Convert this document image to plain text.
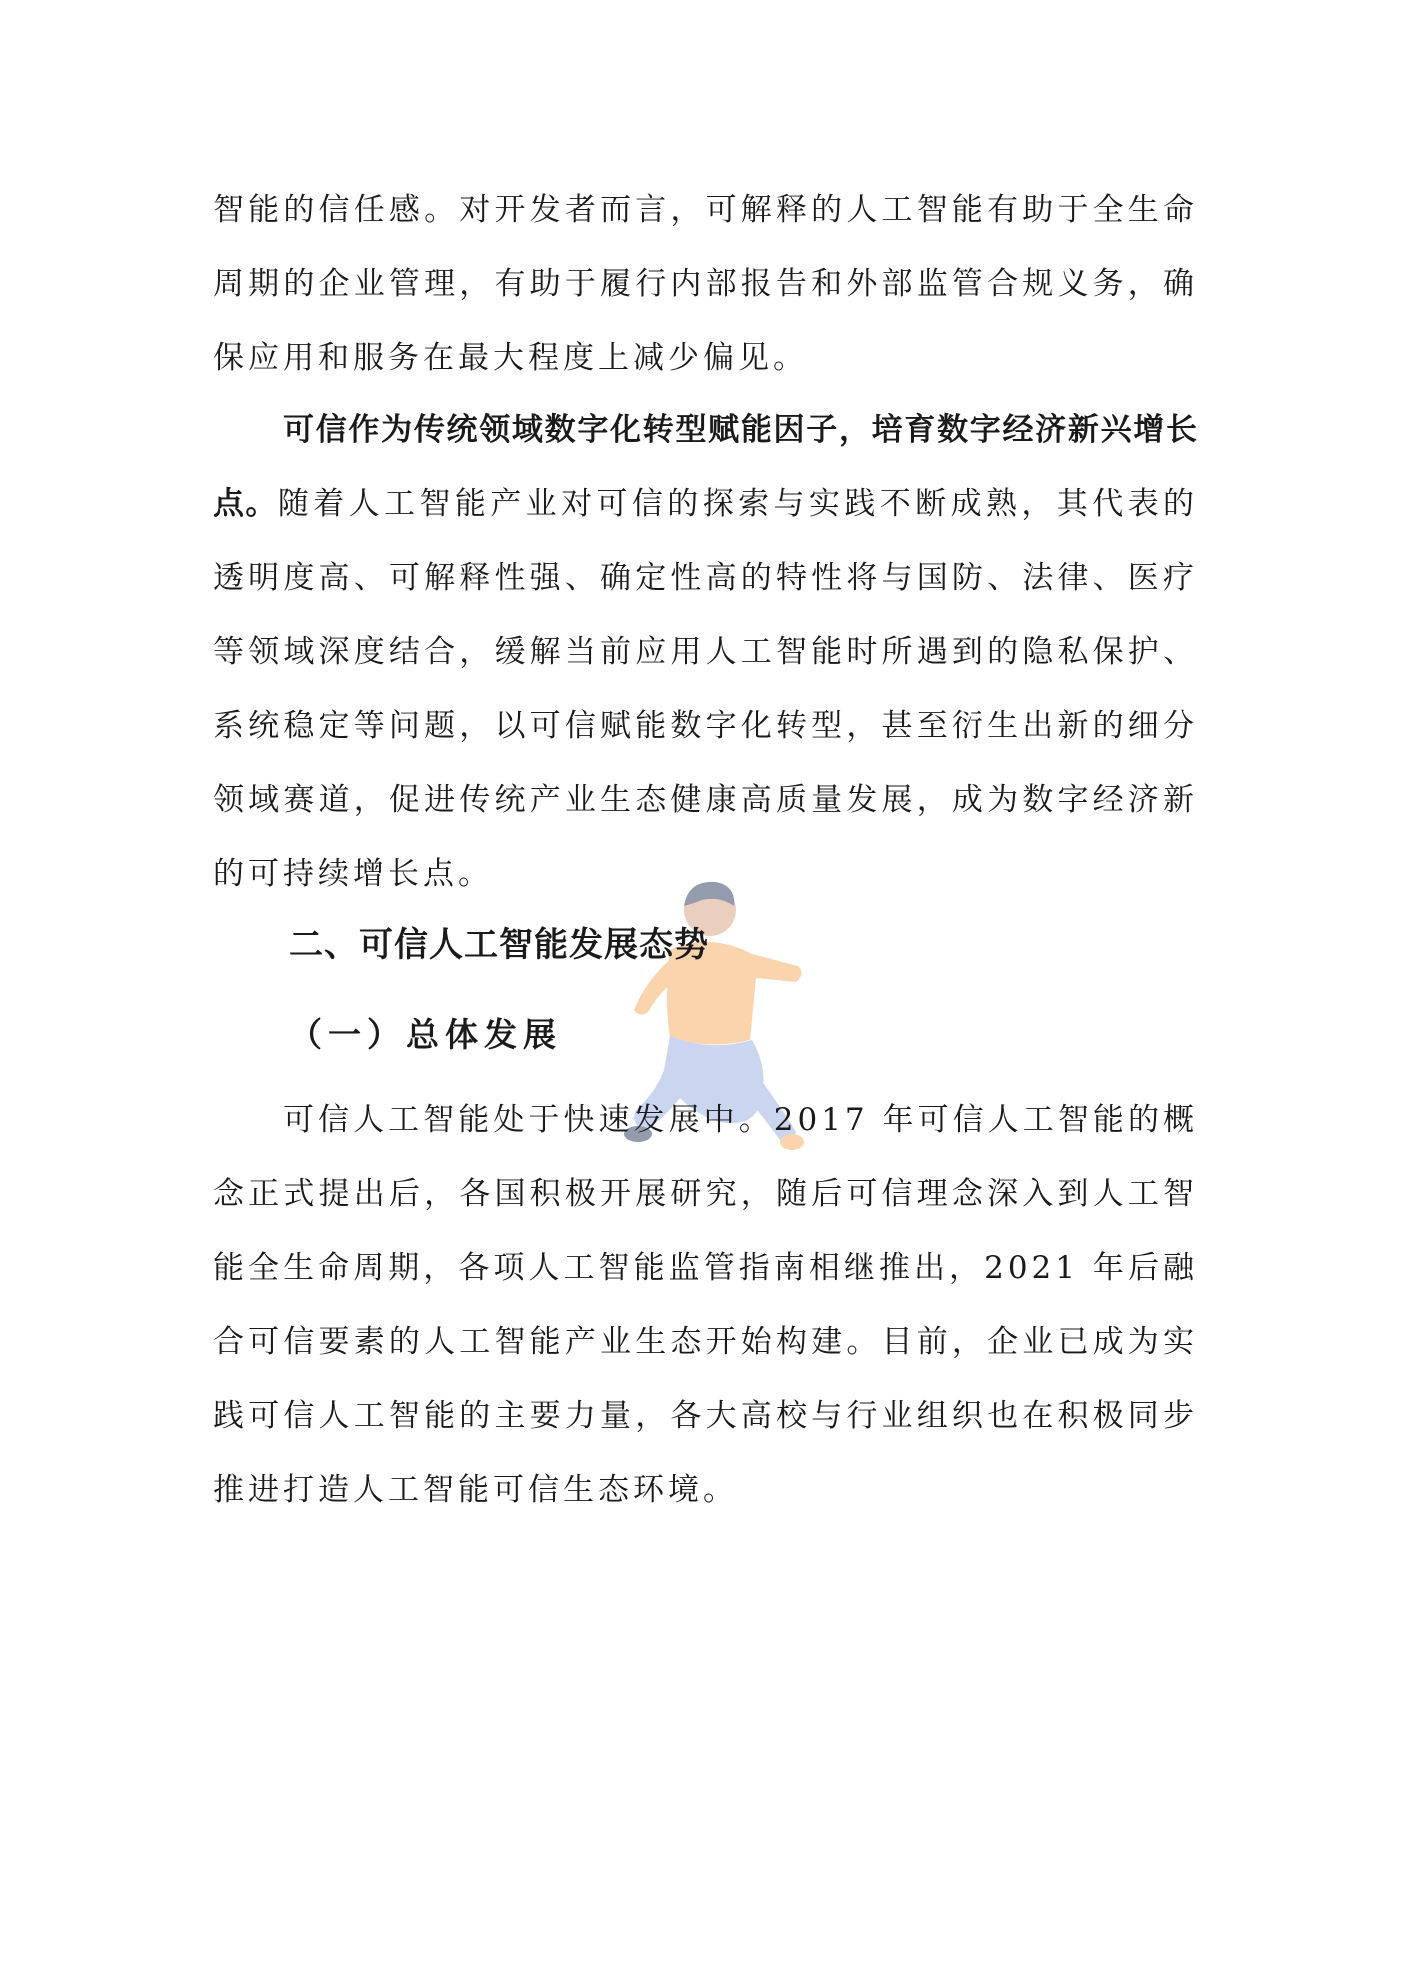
智能的信任感。对开发者而言，可解释的人工智能有助于全生命周期的企业管理，有助于履行内部报告和外部监管合规义务，确保应用和服务在最大程度上减少偏见。
可信作为传统领域数字化转型赋能因子，培育数字经济新兴增长点。随着人工智能产业对可信的探索与实践不断成熟，其代表的透明度高、可解释性强、确定性高的特性将与国防、法律、医疗等领域深度结合，缓解当前应用人工智能时所遇到的隐私保护、系统稳定等问题，以可信赋能数字化转型，甚至衍生出新的细分领域赛道，促进传统产业生态健康高质量发展，成为数字经济新的可持续增长点。
二、可信人工智能发展态势
（一）总体发展
可信人工智能处于快速发展中。2017 年可信人工智能的概念正式提出后，各国积极开展研究，随后可信理念深入到人工智能全生命周期，各项人工智能监管指南相继推出，2021 年后融合可信要素的人工智能产业生态开始构建。目前，企业已成为实践可信人工智能的主要力量，各大高校与行业组织也在积极同步推进打造人工智能可信生态环境。
